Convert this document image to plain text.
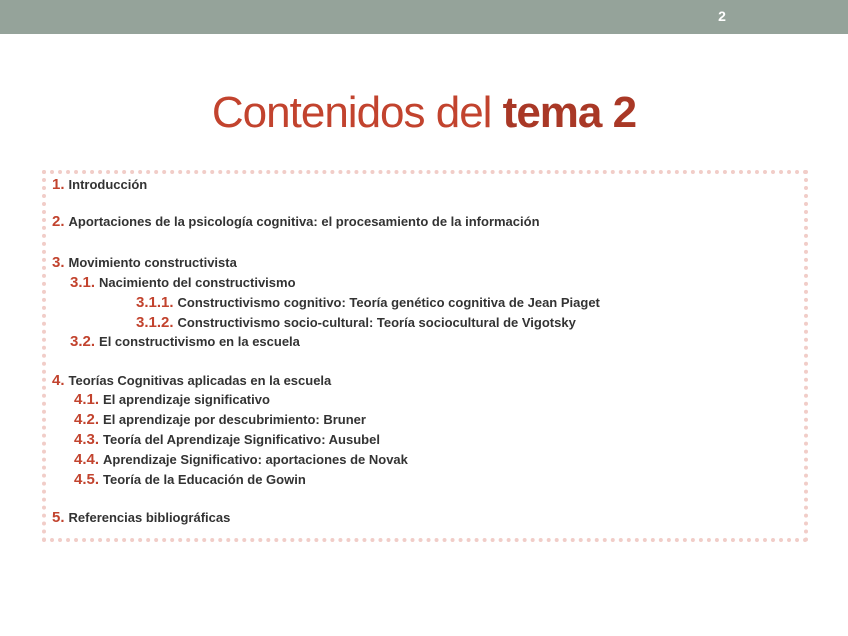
2
Contenidos del tema 2
1. Introducción
2. Aportaciones de la psicología cognitiva: el procesamiento de la información
3. Movimiento constructivista
3.1. Nacimiento del constructivismo
3.1.1. Constructivismo cognitivo: Teoría genético cognitiva de Jean Piaget
3.1.2. Constructivismo socio-cultural: Teoría sociocultural de Vigotsky
3.2. El constructivismo en la escuela
4. Teorías Cognitivas aplicadas en la escuela
4.1. El aprendizaje significativo
4.2. El aprendizaje por descubrimiento: Bruner
4.3. Teoría del Aprendizaje Significativo: Ausubel
4.4. Aprendizaje Significativo: aportaciones de Novak
4.5. Teoría de la Educación de Gowin
5. Referencias bibliográficas
